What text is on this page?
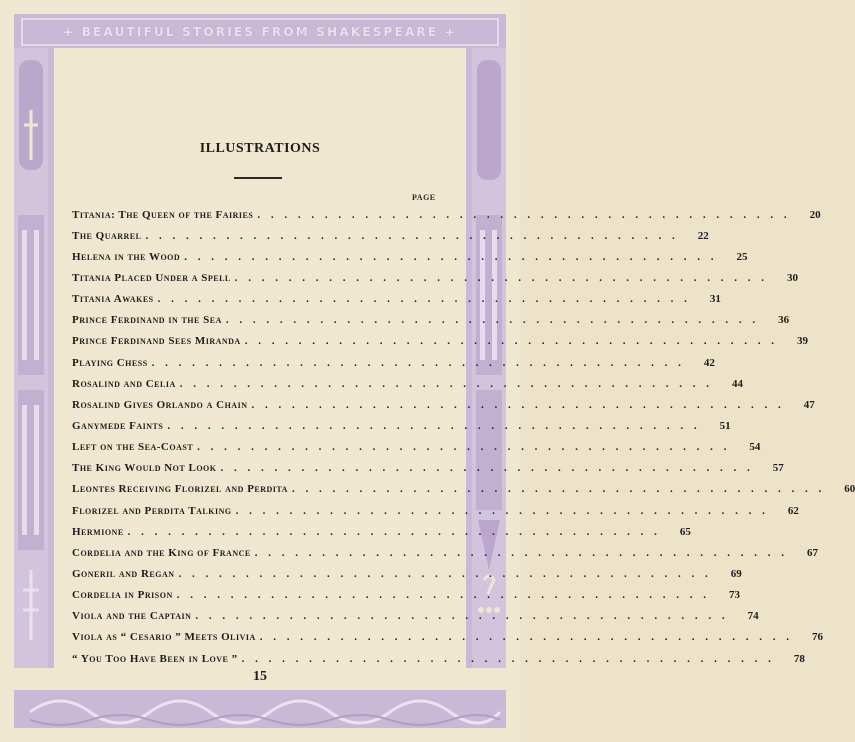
+ BEAUTIFUL STORIES FROM SHAKESPEARE +
ILLUSTRATIONS
PAGE
Titania: The Queen of the Fairies . . . . . . . . . . . . . . . . . . . . . . . . . . . . . . . . . . . . . . . .	20
The Quarrel . . . . . . . . . . . . . . . . . . . . . . . . . . . . . . . . . . . . . . . .	22
Helena in the Wood . . . . . . . . . . . . . . . . . . . . . . . . . . . . . . . . . . . . . . . .	25
Titania Placed Under a Spell . . . . . . . . . . . . . . . . . . . . . . . . . . . . . . . . . . . . . . . .	30
Titania Awakes . . . . . . . . . . . . . . . . . . . . . . . . . . . . . . . . . . . . . . . .	31
Prince Ferdinand in the Sea . . . . . . . . . . . . . . . . . . . . . . . . . . . . . . . . . . . . . . . .	36
Prince Ferdinand Sees Miranda . . . . . . . . . . . . . . . . . . . . . . . . . . . . . . . . . . . . . . . .	39
Playing Chess . . . . . . . . . . . . . . . . . . . . . . . . . . . . . . . . . . . . . . . .	42
Rosalind and Celia . . . . . . . . . . . . . . . . . . . . . . . . . . . . . . . . . . . . . . . .	44
Rosalind Gives Orlando a Chain . . . . . . . . . . . . . . . . . . . . . . . . . . . . . . . . . . . . . . . .	47
Ganymede Faints . . . . . . . . . . . . . . . . . . . . . . . . . . . . . . . . . . . . . . . .	51
Left on the Sea-Coast . . . . . . . . . . . . . . . . . . . . . . . . . . . . . . . . . . . . . . . .	54
The King Would Not Look . . . . . . . . . . . . . . . . . . . . . . . . . . . . . . . . . . . . . . . .	57
Leontes Receiving Florizel and Perdita . . . . . . . . . . . . . . . . . . . . . . . . . . . . . . . . . . . . . . . .	60
Florizel and Perdita Talking . . . . . . . . . . . . . . . . . . . . . . . . . . . . . . . . . . . . . . . .	62
Hermione . . . . . . . . . . . . . . . . . . . . . . . . . . . . . . . . . . . . . . . .	65
Cordelia and the King of France . . . . . . . . . . . . . . . . . . . . . . . . . . . . . . . . . . . . . . . .	67
Goneril and Regan . . . . . . . . . . . . . . . . . . . . . . . . . . . . . . . . . . . . . . . .	69
Cordelia in Prison . . . . . . . . . . . . . . . . . . . . . . . . . . . . . . . . . . . . . . . .	73
Viola and the Captain . . . . . . . . . . . . . . . . . . . . . . . . . . . . . . . . . . . . . . . .	74
Viola as “ Cesario ” Meets Olivia . . . . . . . . . . . . . . . . . . . . . . . . . . . . . . . . . . . . . . . .	76
“ You Too Have Been in Love ” . . . . . . . . . . . . . . . . . . . . . . . . . . . . . . . . . . . . . . . .	78
15
